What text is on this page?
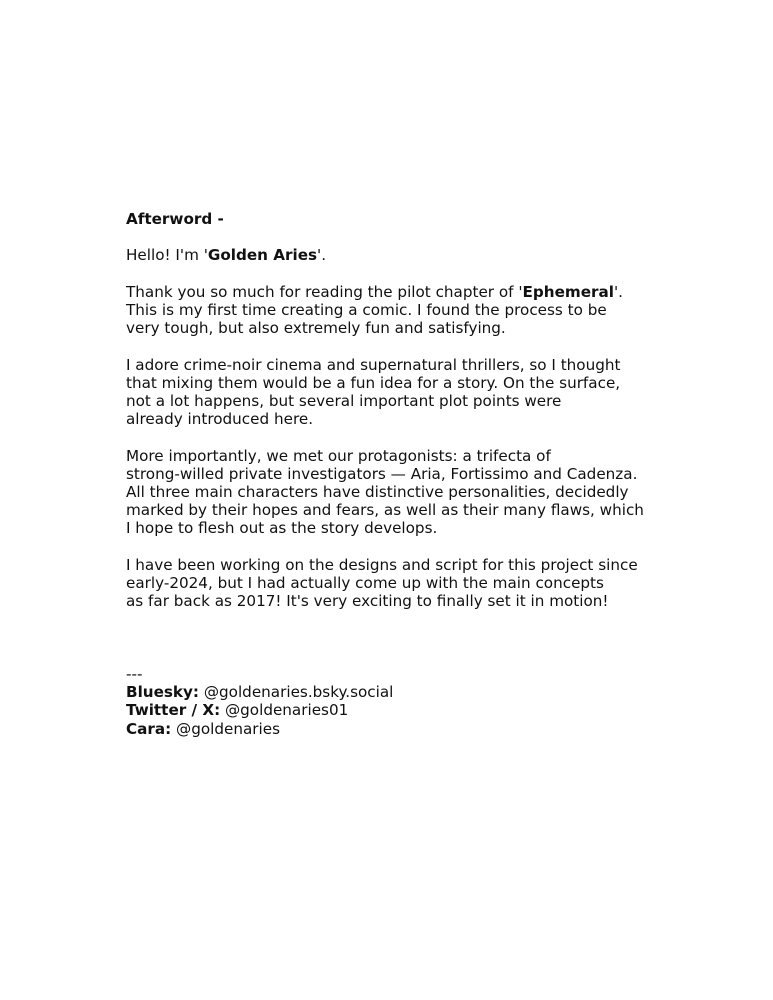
Afterword -

Hello! I'm 'Golden Aries'.

Thank you so much for reading the pilot chapter of 'Ephemeral'.
This is my first time creating a comic. I found the process to be
very tough, but also extremely fun and satisfying.
I adore crime-noir cinema and supernatural thrillers, so I thought
that mixing them would be a fun idea for a story. On the surface,
not a lot happens, but several important plot points were
already introduced here.
More importantly, we met our protagonists: a trifecta of
strong-willed private investigators — Aria, Fortissimo and Cadenza.
All three main characters have distinctive personalities, decidedly
marked by their hopes and fears, as well as their many flaws, which
I hope to flesh out as the story develops.
I have been working on the designs and script for this project since
early-2024, but I had actually come up with the main concepts
as far back as 2017! It's very exciting to finally set it in motion!
---
Bluesky: @goldenaries.bsky.social
Twitter / X: @goldenaries01
Cara: @goldenaries
